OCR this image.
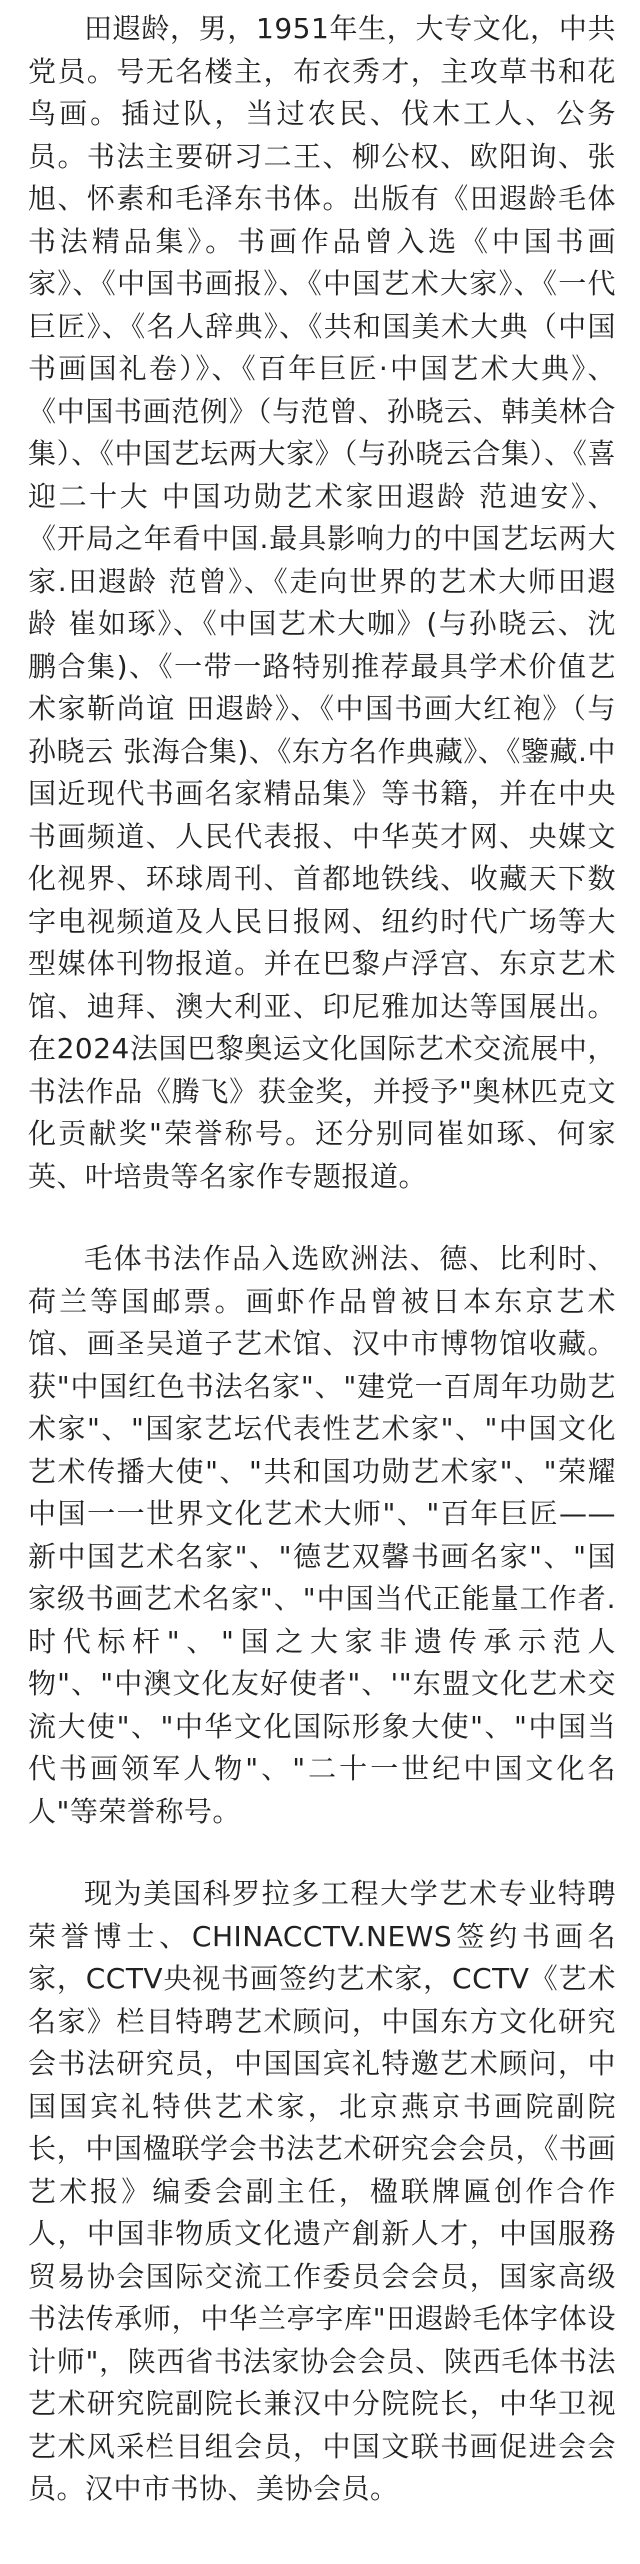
田遐龄，男，1951年生，大专文化，中共党员。号无名楼主，布衣秀才，主攻草书和花鸟画。插过队，当过农民、伐木工人、公务员。书法主要研习二王、柳公权、欧阳询、张旭、怀素和毛泽东书体。出版有《田遐龄毛体书法精品集》。书画作品曾入选《中国书画家》、《中国书画报》、《中国艺术大家》、《一代巨匠》、《名人辞典》、《共和国美术大典（中国书画国礼卷）》、《百年巨匠·中国艺术大典》、《中国书画范例》（与范曾、孙晓云、韩美林合集）、《中国艺坛两大家》（与孙晓云合集）、《喜迎二十大 中国功勋艺术家田遐龄 范迪安》、《开局之年看中国.最具影响力的中国艺坛两大家.田遐龄 范曾》、《走向世界的艺术大师田遐龄 崔如琢》、《中国艺术大咖》(与孙晓云、沈鹏合集)、《一带一路特别推荐最具学术价值艺术家靳尚谊 田遐龄》、《中国书画大红袍》（与孙晓云 张海合集)、《东方名作典藏》、《鑒藏.中国近现代书画名家精品集》等书籍，并在中央书画频道、人民代表报、中华英才网、央媒文化视界、环球周刊、首都地铁线、收藏天下数字电视频道及人民日报网、纽约时代广场等大型媒体刊物报道。并在巴黎卢浮宫、东京艺术馆、迪拜、澳大利亚、印尼雅加达等国展出。在2024法国巴黎奥运文化国际艺术交流展中，书法作品《腾飞》获金奖，并授予"奥林匹克文化贡献奖"荣誉称号。还分别同崔如琢、何家英、叶培贵等名家作专题报道。

毛体书法作品入选欧洲法、德、比利时、荷兰等国邮票。画虾作品曾被日本东京艺术馆、画圣吴道子艺术馆、汉中市博物馆收藏。获"中国红色书法名家"、"建党一百周年功勋艺术家"、"国家艺坛代表性艺术家"、"中国文化艺术传播大使"、"共和国功勋艺术家"、"荣耀中国一一世界文化艺术大师"、"百年巨匠——新中国艺术名家"、"德艺双馨书画名家"、"国家级书画艺术名家"、"中国当代正能量工作者.时代标杆"、"国之大家非遗传承示范人物"、"中澳文化友好使者"、'"东盟文化艺术交流大使"、"中华文化国际形象大使"、"中国当代书画领军人物"、"二十一世纪中国文化名人"等荣誉称号。

现为美国科罗拉多工程大学艺术专业特聘荣誉博士、CHINACCTV.NEWS签约书画名家，CCTV央视书画签约艺术家，CCTV《艺术名家》栏目特聘艺术顾问，中国东方文化研究会书法研究员，中国国宾礼特邀艺术顾问，中国国宾礼特供艺术家，北京燕京书画院副院长，中国楹联学会书法艺术研究会会员，《书画艺术报》编委会副主任，楹联牌匾创作合作人，中国非物质文化遗产創新人才，中国服務贸易协会国际交流工作委员会会员，国家高级书法传承师，中华兰亭字库"田遐龄毛体字体设计师"，陕西省书法家协会会员、陕西毛体书法艺术研究院副院长兼汉中分院院长，中华卫视艺术风采栏目组会员，中国文联书画促进会会员。汉中市书协、美协会员。
